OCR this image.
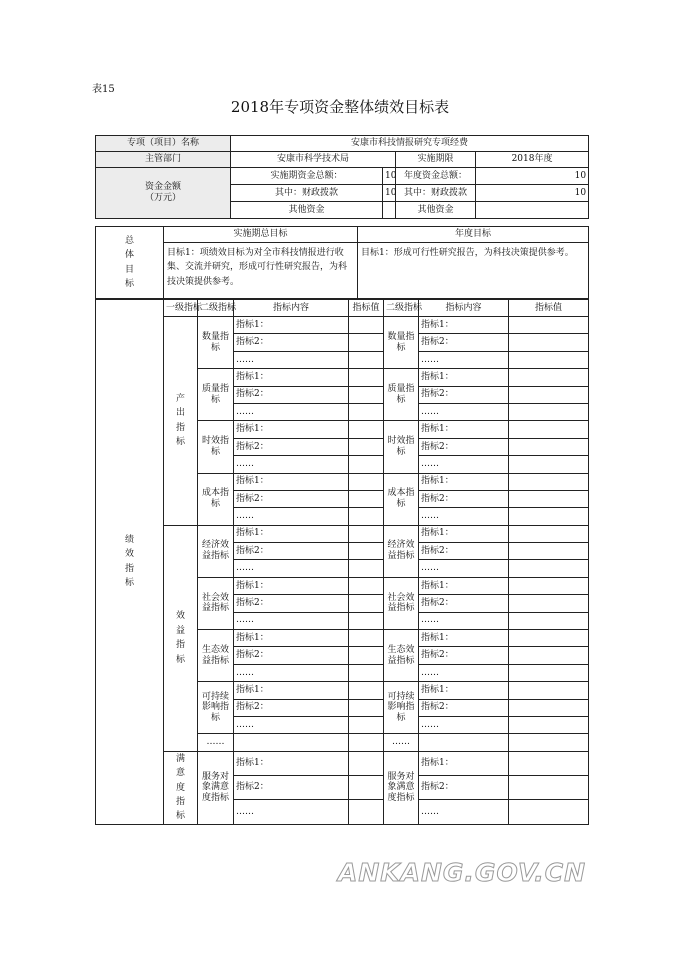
表15
2018年专项资金整体绩效目标表
专项（项目）名称	安康市科技情报研究专项经费			
主管部门	安康市科学技术局		实施期限	2018年度

资金金额
（万元）	实施期资金总额：	10	年度资金总额：	10
	其中：财政拨款	10	其中：财政拨款	10
	其他资金		其他资金	
总体目标	实施期总目标	年度目标
	目标1：项绩效目标为对全市科技情报进行收集、交流并研究，形成可行性研究报告，为科技决策提供参考。	目标1：形成可行性研究报告，为科技决策提供参考。
绩效指标	一级指标	二级指标	指标内容	指标值	二级指标	指标内容	指标值
	产出指标	数量指标	指标1：		数量指标	指标1：	
			指标2：			指标2：	
			……			……	
		质量指标	指标1：		质量指标	指标1：	
			指标2：			指标2：	
			……			……	
		时效指标	指标1：		时效指标	指标1：	
			指标2：			指标2：	
			……			……	
		成本指标	指标1：		成本指标	指标1：	
			指标2：			指标2：	
			……			……	
	效益指标	经济效益指标	指标1：		经济效益指标	指标1：	
			指标2：			指标2：	
			……			……	
		社会效益指标	指标1：		社会效益指标	指标1：	
			指标2：			指标2：	
			……			……	
		生态效益指标	指标1：		生态效益指标	指标1：	
			指标2：			指标2：	
			……			……	
		可持续影响指标	指标1：		可持续影响指标	指标1：	
			指标2：			指标2：	
			……			……	
		……			……		
	满意度指标	服务对象满意度指标	指标1：		服务对象满意度指标	指标1：	
			指标2：			指标2：	
			……			……	
ANKANG.GOV.CN
